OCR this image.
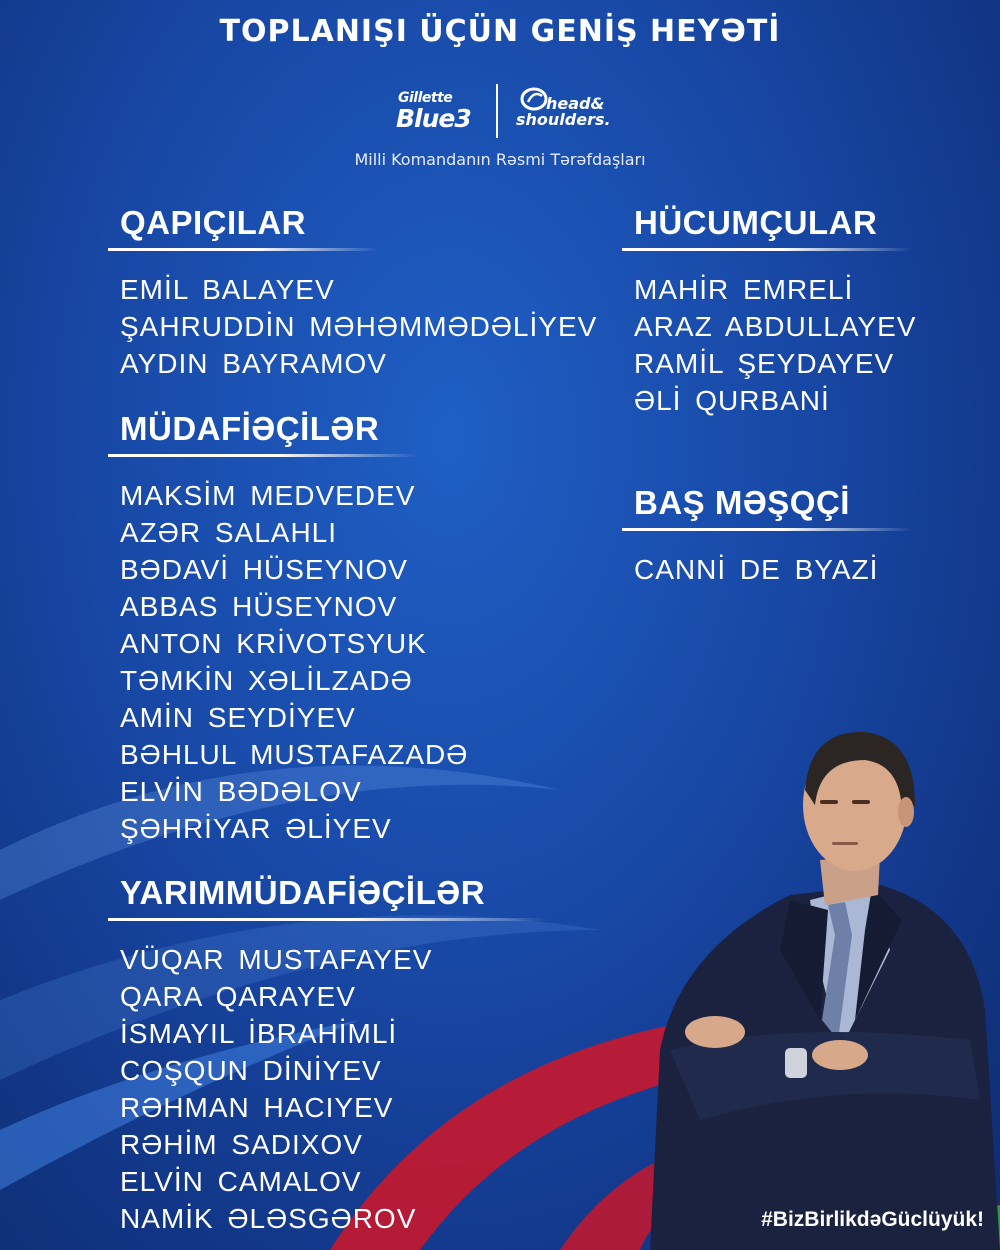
TOPLANIŞI ÜÇÜN GENİŞ HEYƏTİ
Gillette
Blue3
head&
shoulders.
Milli Komandanın Rəsmi Tərəfdaşları
QAPIÇILAR
EMİL BALAYEV
ŞAHRUDDİN MƏHƏMMƏDƏLİYEV
AYDIN BAYRAMOV
MÜDAFİƏÇİLƏR
MAKSİM MEDVEDEV
AZƏR SALAHLI
BƏDAVİ HÜSEYNOV
ABBAS HÜSEYNOV
ANTON KRİVOTSYUK
TƏMKİN XƏLİLZADƏ
AMİN SEYDİYEV
BƏHLUL MUSTAFAZADƏ
ELVİN BƏDƏLOV
ŞƏHRİYAR ƏLİYEV
YARIMMÜDAFİƏÇİLƏR
VÜQAR MUSTAFAYEV
QARA QARAYEV
İSMAYIL İBRAHİMLİ
COŞQUN DİNİYEV
RƏHMAN HACIYEV
RƏHİM SADIXOV
ELVİN CAMALOV
NAMİK ƏLƏSGƏROV
HÜCUMÇULAR
MAHİR EMRELİ
ARAZ ABDULLAYEV
RAMİL ŞEYDAYEV
ƏLİ QURBANİ
BAŞ MƏŞQÇİ
CANNİ DE BYAZİ
#BizBirlikdəGüclüyük!
